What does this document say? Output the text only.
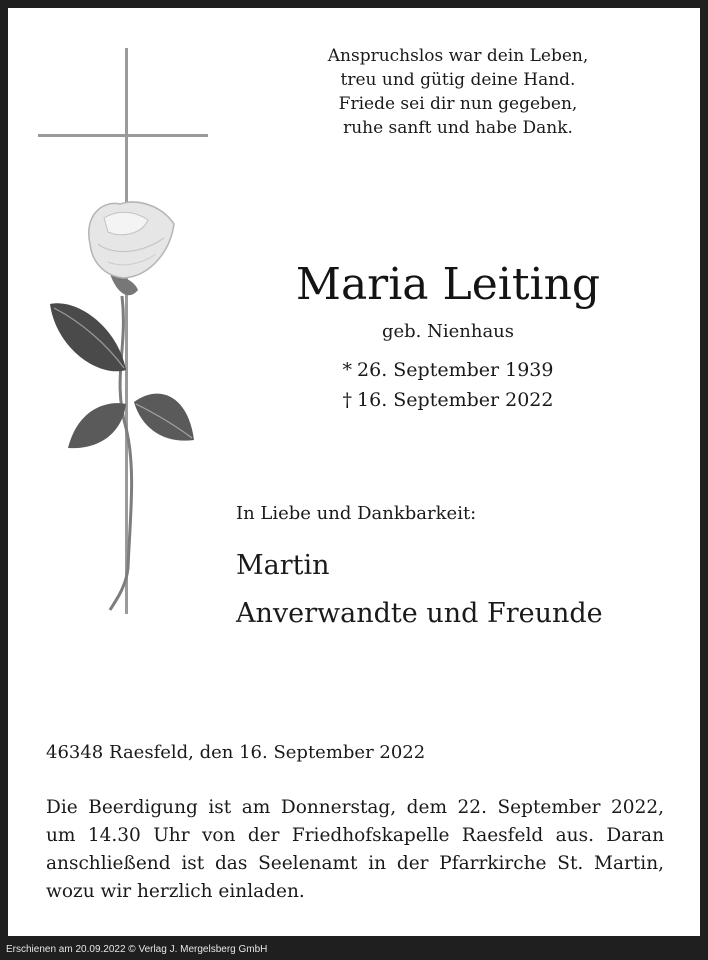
Anspruchslos war dein Leben,
treu und gütig deine Hand.
Friede sei dir nun gegeben,
ruhe sanft und habe Dank.
Maria Leiting
geb. Nienhaus
* 26. September 1939
† 16. September 2022
In Liebe und Dankbarkeit:
Martin
Anverwandte und Freunde
46348 Raesfeld, den 16. September 2022
Die Beerdigung ist am Donnerstag, dem 22. September 2022,
um 14.30 Uhr von der Friedhofskapelle Raesfeld aus. Daran
anschließend ist das Seelenamt in der Pfarrkirche St. Martin,
wozu wir herzlich einladen.
Erschienen am 20.09.2022 © Verlag J. Mergelsberg GmbH
